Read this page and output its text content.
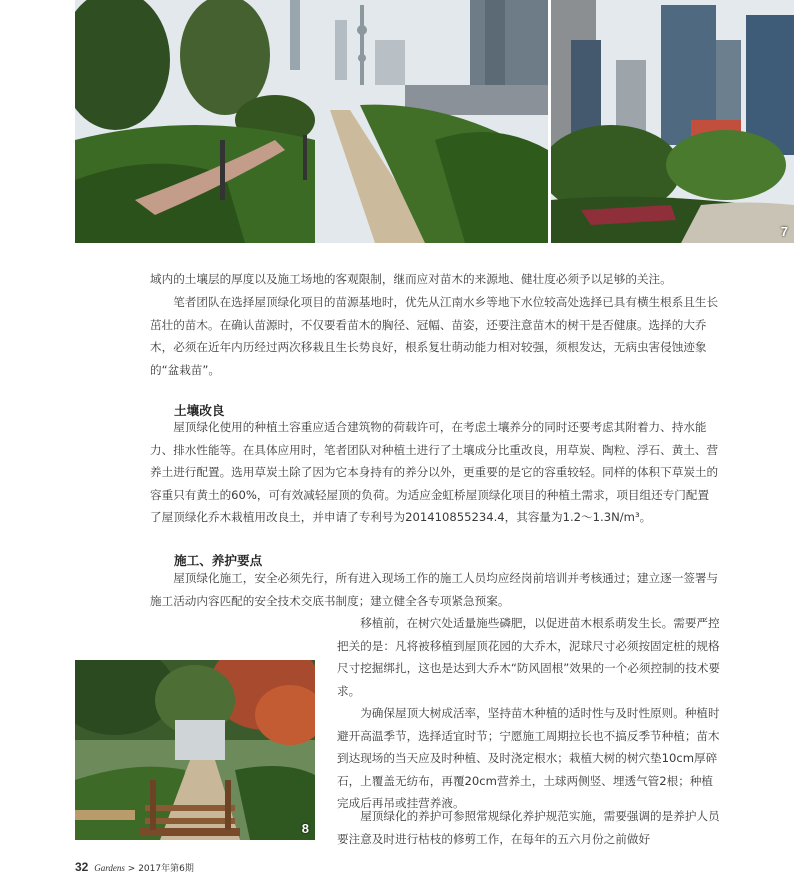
7

域内的土壤层的厚度以及施工场地的客观限制，继而应对苗木的来源地、健壮度必须予以足够的关注。

笔者团队在选择屋顶绿化项目的苗源基地时，优先从江南水乡等地下水位较高处选择已具有横生根系且生长茁壮的苗木。在确认苗源时，不仅要看苗木的胸径、冠幅、苗姿，还要注意苗木的树干是否健康。选择的大乔木，必须在近年内历经过两次移栽且生长势良好，根系复壮萌动能力相对较强，须根发达，无病虫害侵蚀迹象的“盆栽苗”。

土壤改良

屋顶绿化使用的种植土容重应适合建筑物的荷载许可，在考虑土壤养分的同时还要考虑其附着力、持水能力、排水性能等。在具体应用时，笔者团队对种植土进行了土壤成分比重改良，用草炭、陶粒、浮石、黄土、营养土进行配置。选用草炭土除了因为它本身持有的养分以外，更重要的是它的容重较轻。同样的体积下草炭土的容重只有黄土的60%，可有效减轻屋顶的负荷。为适应金虹桥屋顶绿化项目的种植土需求，项目组还专门配置了屋顶绿化乔木栽植用改良土，并申请了专利号为201410855234.4，其容量为1.2～1.3N/m³。

施工、养护要点

屋顶绿化施工，安全必须先行，所有进入现场工作的施工人员均应经岗前培训并考核通过；建立逐一签署与施工活动内容匹配的安全技术交底书制度；建立健全各专项紧急预案。

8

移植前，在树穴处适量施些磷肥，以促进苗木根系萌发生长。需要严控把关的是：凡将被移植到屋顶花园的大乔木，泥球尺寸必须按固定桩的规格尺寸挖掘绑扎，这也是达到大乔木“防风固根”效果的一个必须控制的技术要求。

为确保屋顶大树成活率，坚持苗木种植的适时性与及时性原则。种植时避开高温季节，选择适宜时节；宁愿施工周期拉长也不搞反季节种植；苗木到达现场的当天应及时种植、及时浇定根水；栽植大树的树穴垫10cm厚碎石，上覆盖无纺布，再覆20cm营养土，土球两侧竖、埋透气管2根；种植完成后再吊或挂营养液。

屋顶绿化的养护可参照常规绿化养护规范实施，需要强调的是养护人员要注意及时进行枯枝的修剪工作，在每年的五六月份之前做好

32 Gardens > 2017年第6期
